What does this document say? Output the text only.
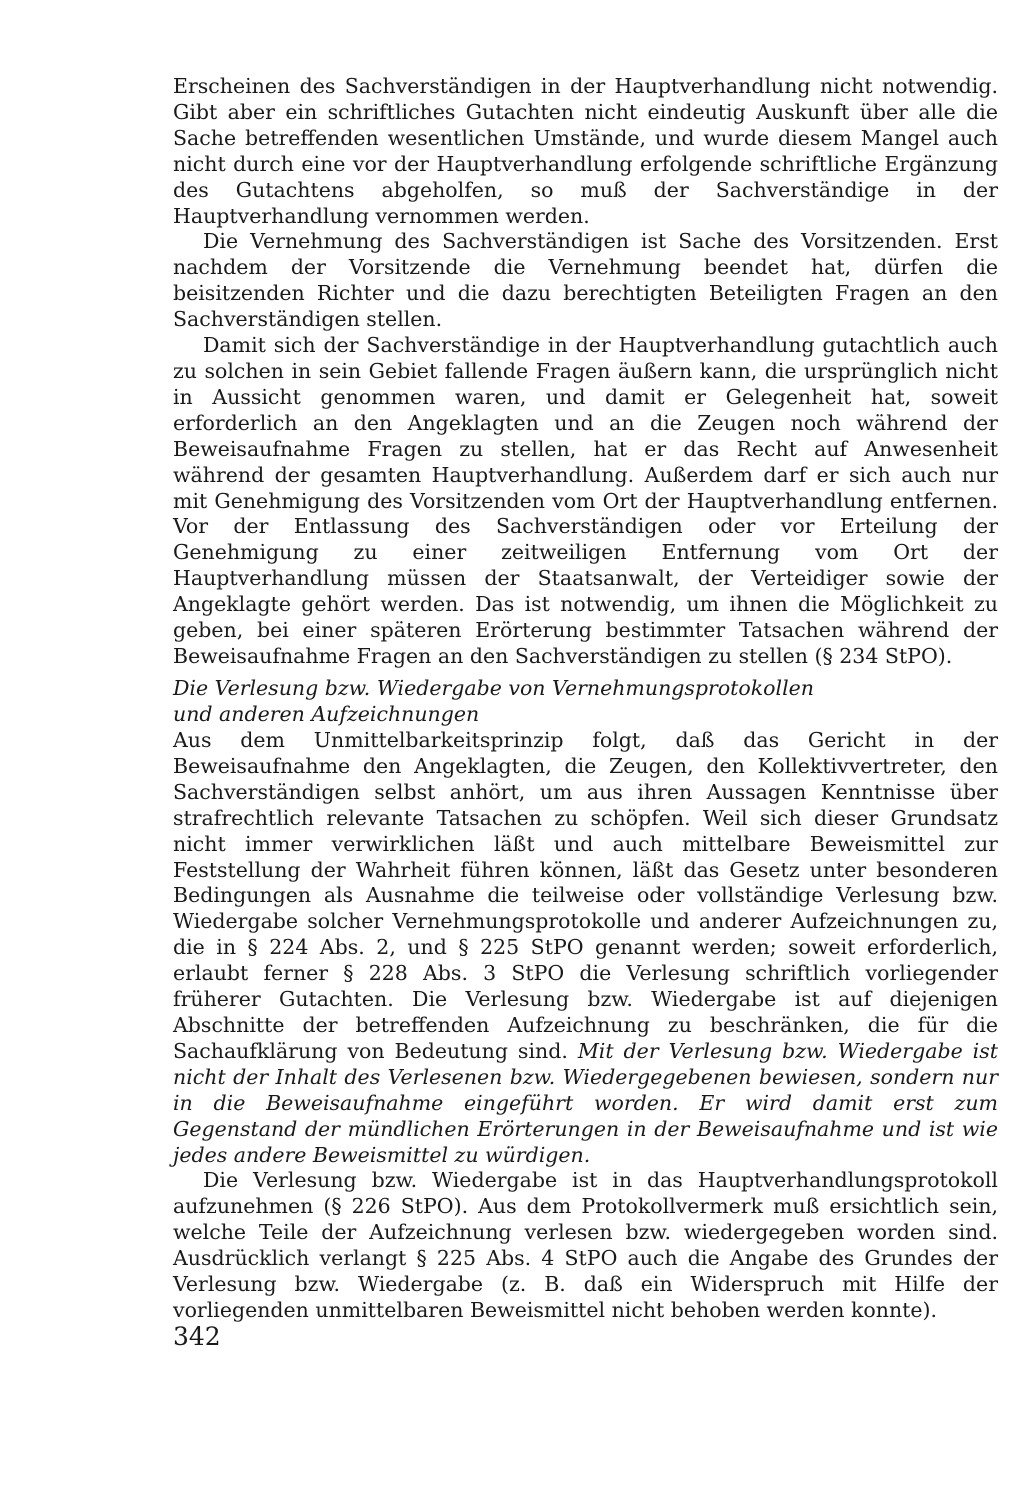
Erscheinen des Sachverständigen in der Hauptverhandlung nicht notwendig. Gibt aber ein schriftliches Gutachten nicht eindeutig Auskunft über alle die Sache betreffenden wesentlichen Umstände, und wurde diesem Mangel auch nicht durch eine vor der Hauptverhandlung erfolgende schriftliche Ergänzung des Gutachtens abgeholfen, so muß der Sachverständige in der Hauptverhandlung vernommen werden.

Die Vernehmung des Sachverständigen ist Sache des Vorsitzenden. Erst nachdem der Vorsitzende die Vernehmung beendet hat, dürfen die beisitzenden Richter und die dazu berechtigten Beteiligten Fragen an den Sachverständigen stellen.

Damit sich der Sachverständige in der Hauptverhandlung gutachtlich auch zu solchen in sein Gebiet fallende Fragen äußern kann, die ursprünglich nicht in Aussicht genommen waren, und damit er Gelegenheit hat, soweit erforderlich an den Angeklagten und an die Zeugen noch während der Beweisaufnahme Fragen zu stellen, hat er das Recht auf Anwesenheit während der gesamten Hauptverhandlung. Außerdem darf er sich auch nur mit Genehmigung des Vorsitzenden vom Ort der Hauptverhandlung entfernen. Vor der Entlassung des Sachverständigen oder vor Erteilung der Genehmigung zu einer zeitweiligen Entfernung vom Ort der Hauptverhandlung müssen der Staatsanwalt, der Verteidiger sowie der Angeklagte gehört werden. Das ist notwendig, um ihnen die Möglichkeit zu geben, bei einer späteren Erörterung bestimmter Tatsachen während der Beweisaufnahme Fragen an den Sachverständigen zu stellen (§ 234 StPO).

Die Verlesung bzw. Wiedergabe von Vernehmungsprotokollen
und anderen Aufzeichnungen

Aus dem Unmittelbarkeitsprinzip folgt, daß das Gericht in der Beweisaufnahme den Angeklagten, die Zeugen, den Kollektivvertreter, den Sachverständigen selbst anhört, um aus ihren Aussagen Kenntnisse über strafrechtlich relevante Tatsachen zu schöpfen. Weil sich dieser Grundsatz nicht immer verwirklichen läßt und auch mittelbare Beweismittel zur Feststellung der Wahrheit führen können, läßt das Gesetz unter besonderen Bedingungen als Ausnahme die teilweise oder vollständige Verlesung bzw. Wiedergabe solcher Vernehmungsprotokolle und anderer Aufzeichnungen zu, die in § 224 Abs. 2, und § 225 StPO genannt werden; soweit erforderlich, erlaubt ferner § 228 Abs. 3 StPO die Verlesung schriftlich vorliegender früherer Gutachten. Die Verlesung bzw. Wiedergabe ist auf diejenigen Abschnitte der betreffenden Aufzeichnung zu beschränken, die für die Sachaufklärung von Bedeutung sind. Mit der Verlesung bzw. Wiedergabe ist nicht der Inhalt des Verlesenen bzw. Wiedergegebenen bewiesen, sondern nur in die Beweisaufnahme eingeführt worden. Er wird damit erst zum Gegenstand der mündlichen Erörterungen in der Beweisaufnahme und ist wie jedes andere Beweismittel zu würdigen.

Die Verlesung bzw. Wiedergabe ist in das Hauptverhandlungsprotokoll aufzunehmen (§ 226 StPO). Aus dem Protokollvermerk muß ersichtlich sein, welche Teile der Aufzeichnung verlesen bzw. wiedergegeben worden sind. Ausdrücklich verlangt § 225 Abs. 4 StPO auch die Angabe des Grundes der Verlesung bzw. Wiedergabe (z. B. daß ein Widerspruch mit Hilfe der vorliegenden unmittelbaren Beweismittel nicht behoben werden konnte).

342
